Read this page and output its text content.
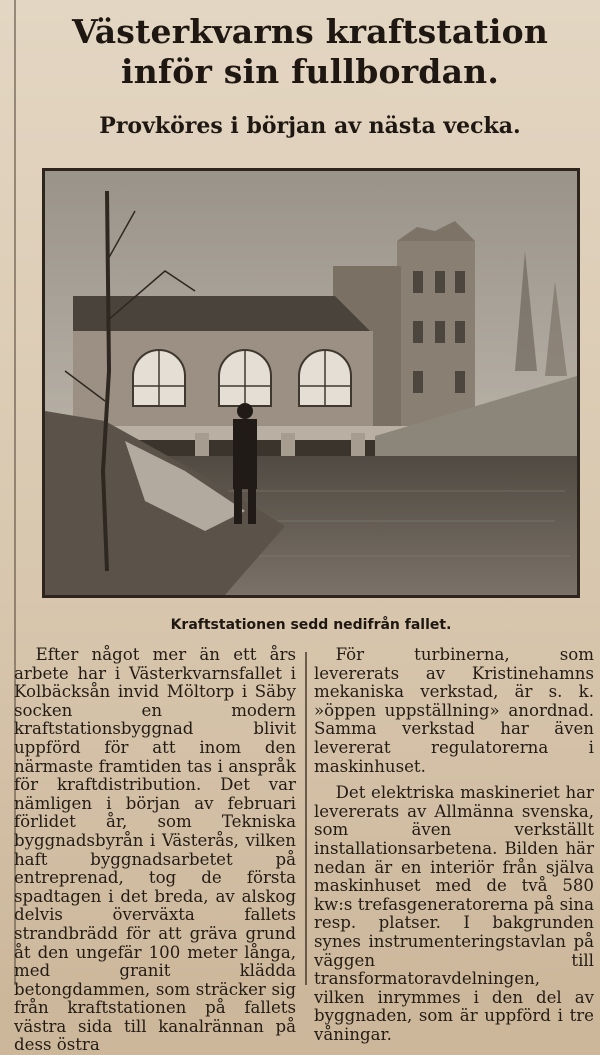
Västerkvarns kraftstation inför sin fullbordan.
Provköres i början av nästa vecka.
Kraftstationen sedd nedifrån fallet.

Efter något mer än ett års arbete har i Västerkvarnsfallet i Kolbäcksån invid Möltorp i Säby socken en modern kraftstationsbyggnad blivit uppförd för att inom den närmaste framtiden tas i anspråk för kraftdistribution. Det var nämligen i början av februari förlidet år, som Tekniska byggnadsbyrån i Västerås, vilken haft byggnadsarbetet på entreprenad, tog de första spadtagen i det breda, av alskog delvis överväxta fallets strandbrädd för att gräva grund åt den ungefär 100 meter långa, med granit klädda betongdammen, som sträcker sig från kraftstationen på fallets västra sida till kanalrännan på dess östra

För turbinerna, som levererats av Kristinehamns mekaniska verkstad, är s. k. »öppen uppställning» anordnad. Samma verkstad har även levererat regulatorerna i maskinhuset.

Det elektriska maskineriet har levererats av Allmänna svenska, som även verkställt installationsarbetena. Bilden här nedan är en interiör från själva maskinhuset med de två 580 kw:s trefasgeneratorerna på sina resp. platser. I bakgrunden synes instrumenteringstavlan på väggen till transformatoravdelningen, vilken inrymmes i den del av byggnaden, som är uppförd i tre våningar.
